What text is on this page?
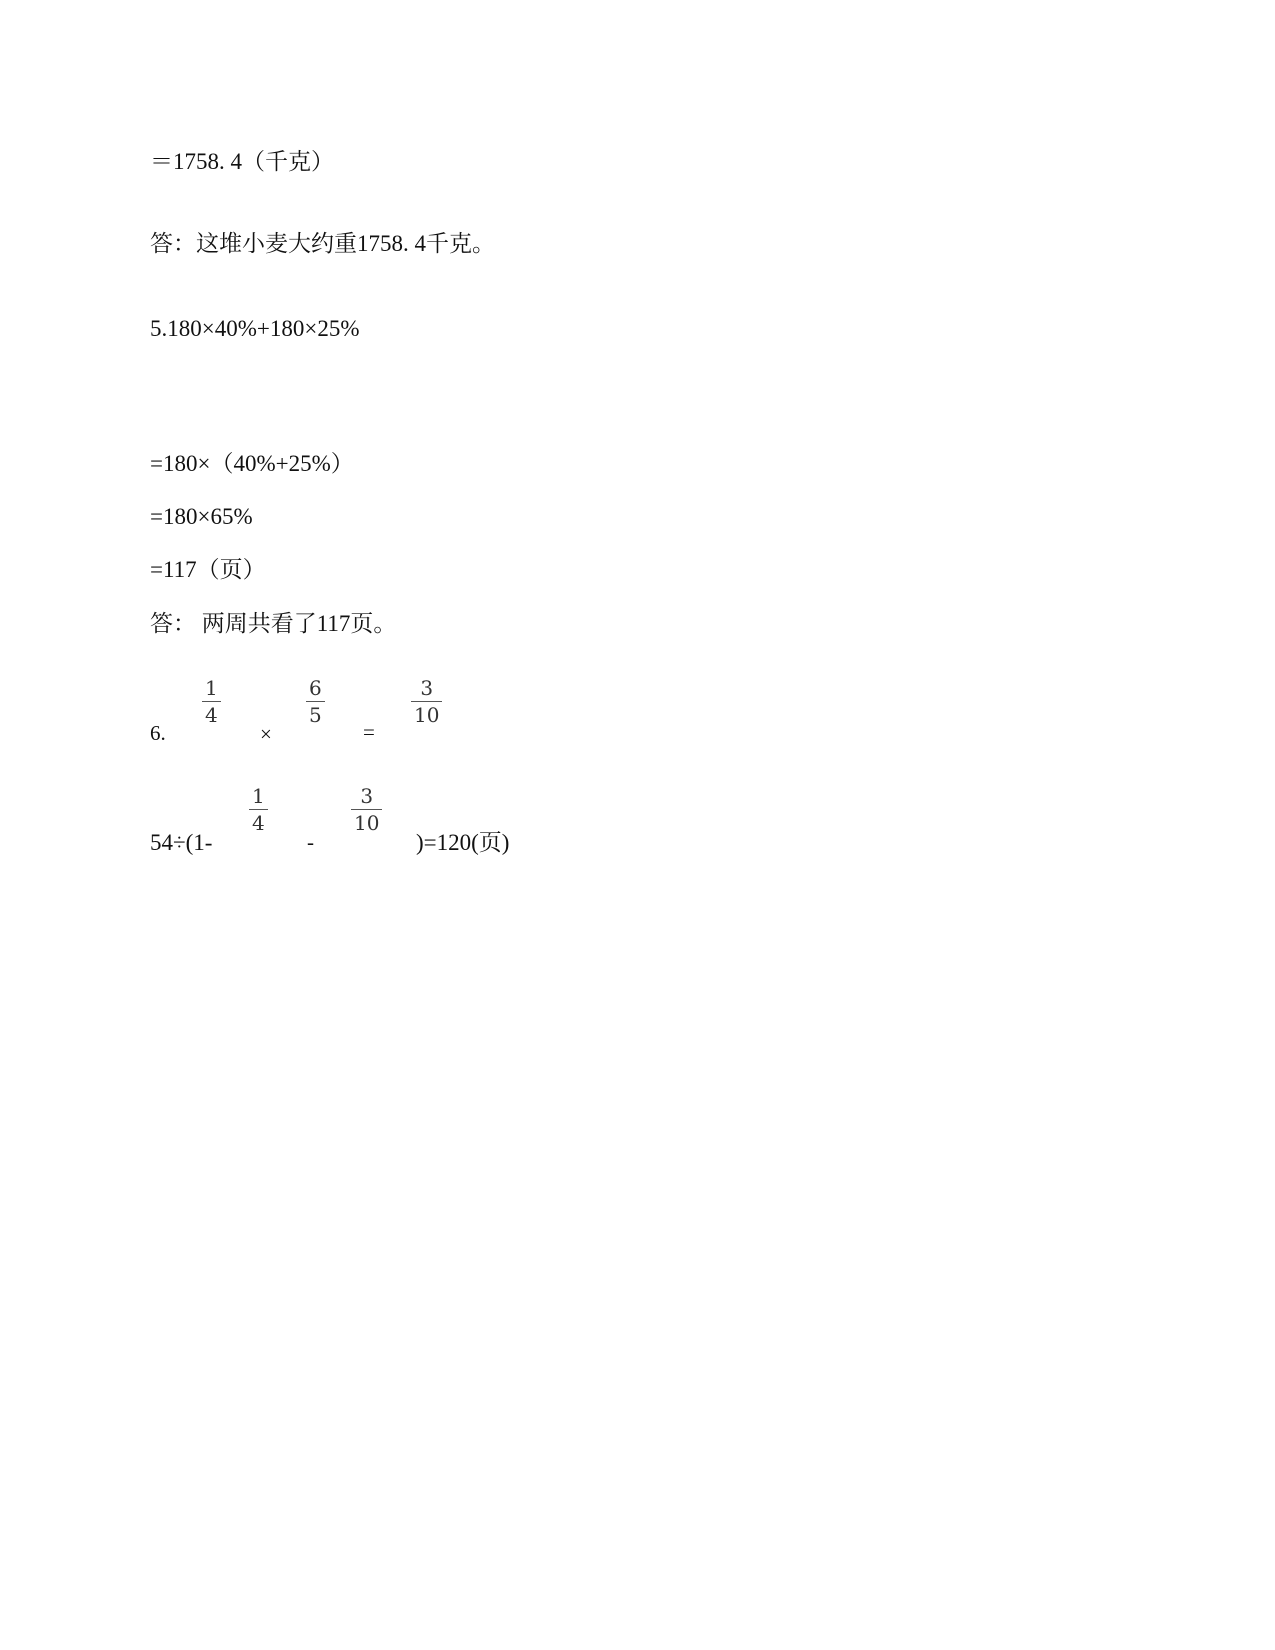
＝1758. 4（千克）
答：这堆小麦大约重1758. 4千克。
5.180×40%+180×25%
=180×（40%+25%）
=180×65%
=117（页）
答： 两周共看了117页。
6.
1
4
×
6
5
=
3
10
54÷(1-
1
4
-
3
10
)=120(页)
